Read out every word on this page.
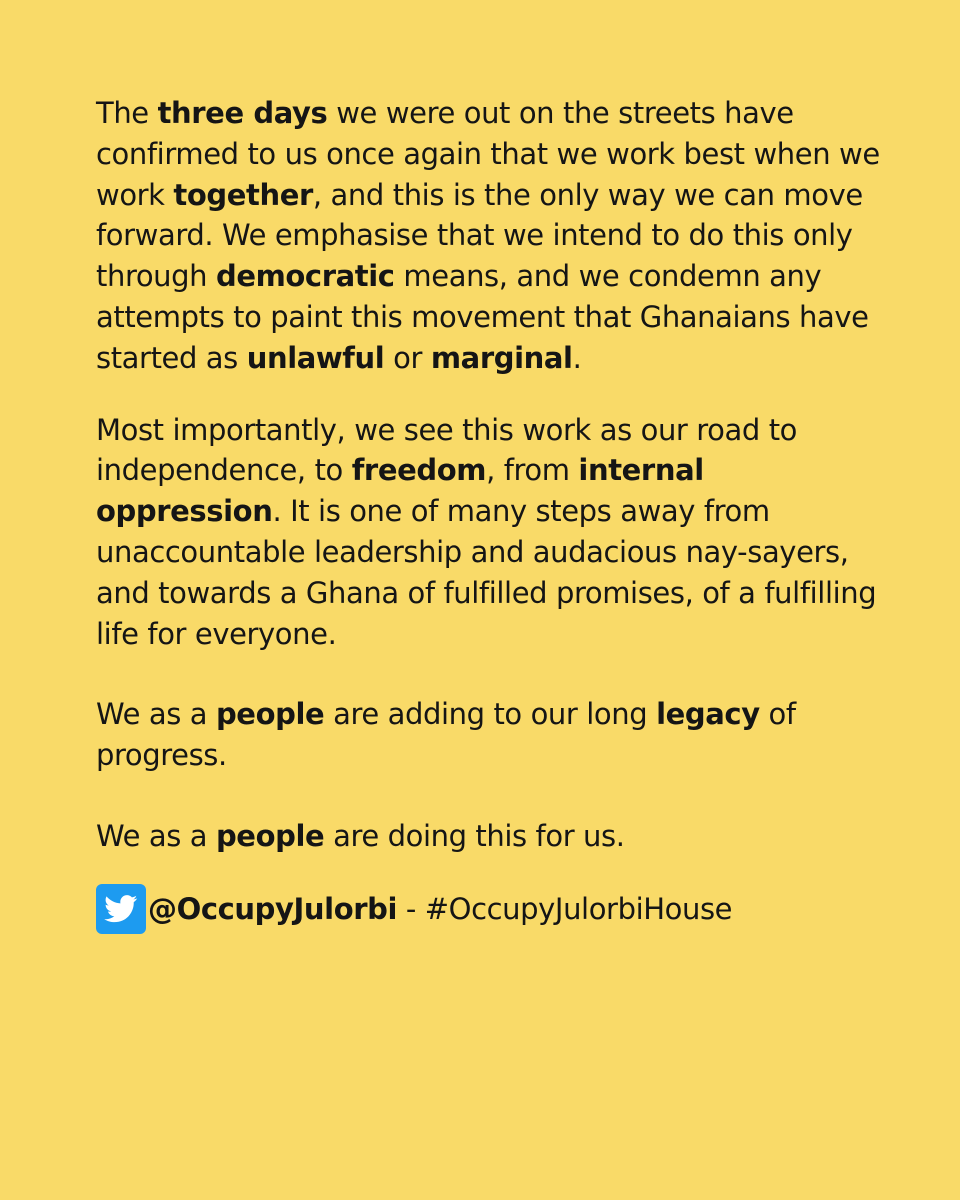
The three days we were out on the streets have confirmed to us once again that we work best when we work together, and this is the only way we can move forward. We emphasise that we intend to do this only through democratic means, and we condemn any attempts to paint this movement that Ghanaians have started as unlawful or marginal.

Most importantly, we see this work as our road to independence, to freedom, from internal oppression. It is one of many steps away from unaccountable leadership and audacious nay-sayers, and towards a Ghana of fulfilled promises, of a fulfilling life for everyone.

We as a people are adding to our long legacy of progress.

We as a people are doing this for us.

@OccupyJulorbi - #OccupyJulorbiHouse
